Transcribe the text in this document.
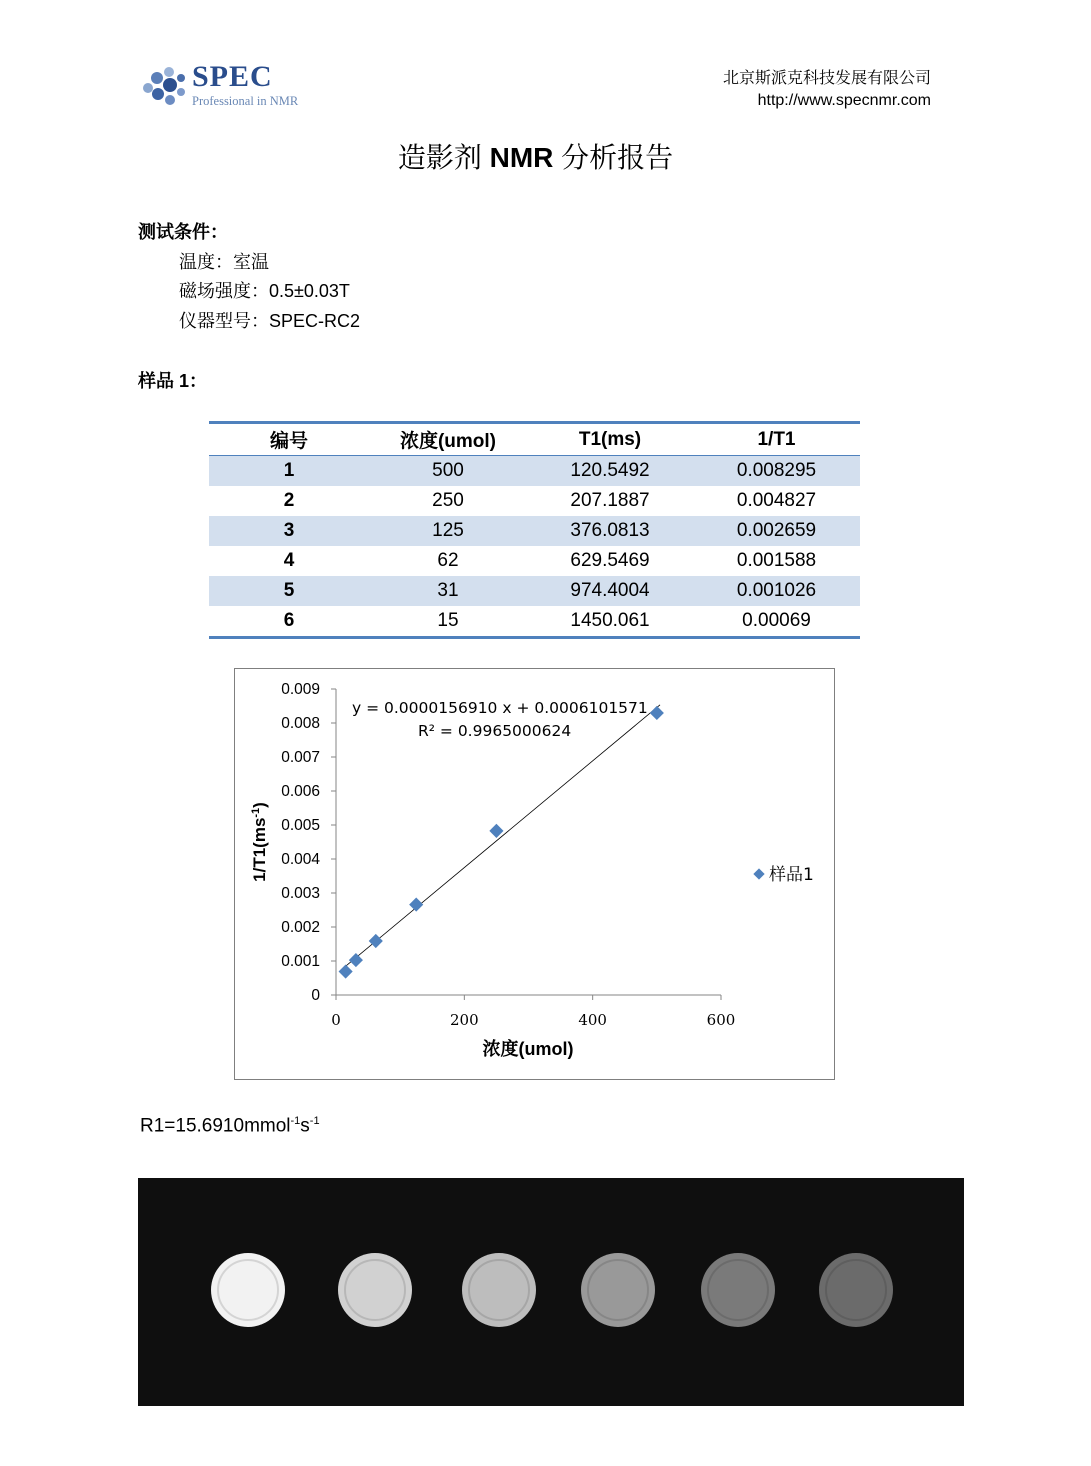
SPEC
Professional in NMR
北京斯派克科技发展有限公司
http://www.specnmr.com
造影剂 NMR 分析报告
测试条件：
温度：室温
磁场强度：0.5±0.03T
仪器型号：SPEC-RC2
样品 1：
编号	浓度(umol)	T1(ms)	1/T1
1	500	120.5492	0.008295
2	250	207.1887	0.004827
3	125	376.0813	0.002659
4	62	629.5469	0.001588
5	31	974.4004	0.001026
6	15	1450.061	0.00069
0
0.001
0.002
0.003
0.004
0.005
0.006
0.007
0.008
0.009
0	200	400	600
y = 0.0000156910 x + 0.0006101571
R² = 0.9965000624
浓度(umol)
$1/T1(ms^{-1})$
样品1
$R1=15.6910mmol^{-1}s^{-1}$
